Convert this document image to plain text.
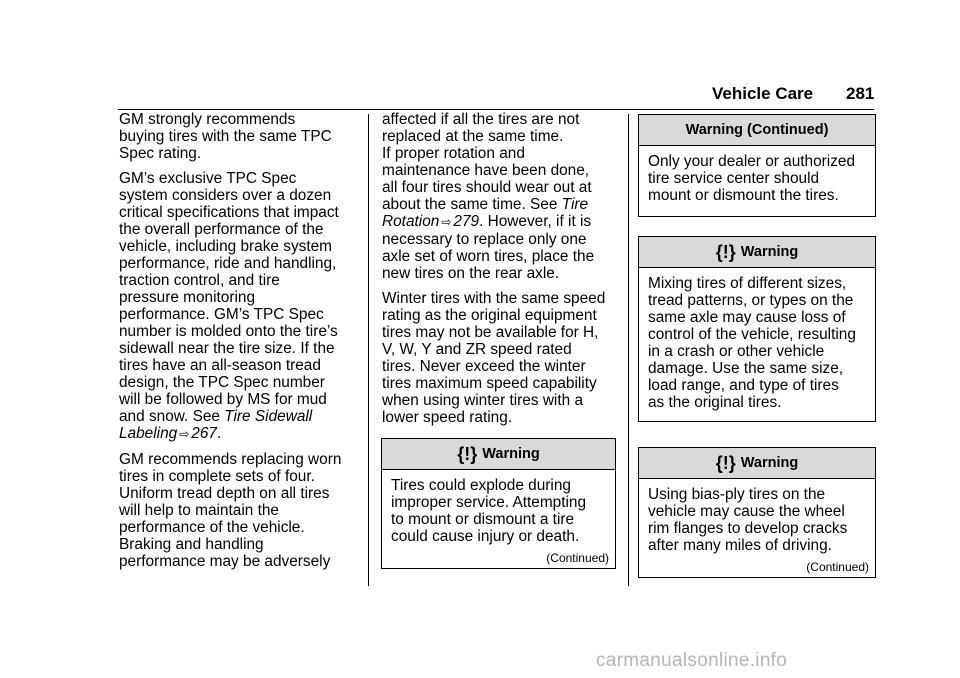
Vehicle Care 281

GM strongly recommends
buying tires with the same TPC
Spec rating.

GM’s exclusive TPC Spec
system considers over a dozen
critical specifications that impact
the overall performance of the
vehicle, including brake system
performance, ride and handling,
traction control, and tire
pressure monitoring
performance. GM’s TPC Spec
number is molded onto the tire’s
sidewall near the tire size. If the
tires have an all-season tread
design, the TPC Spec number
will be followed by MS for mud
and snow. See Tire Sidewall
Labeling ⇨ 267.

GM recommends replacing worn
tires in complete sets of four.
Uniform tread depth on all tires
will help to maintain the
performance of the vehicle.
Braking and handling
performance may be adversely

affected if all the tires are not
replaced at the same time.

If proper rotation and
maintenance have been done,
all four tires should wear out at
about the same time. See Tire
Rotation ⇨ 279. However, if it is
necessary to replace only one
axle set of worn tires, place the
new tires on the rear axle.

Winter tires with the same speed
rating as the original equipment
tires may not be available for H,
V, W, Y and ZR speed rated
tires. Never exceed the winter
tires maximum speed capability
when using winter tires with a
lower speed rating.

{!} Warning
Tires could explode during
improper service. Attempting
to mount or dismount a tire
could cause injury or death.
(Continued)
Warning (Continued)
Only your dealer or authorized
tire service center should
mount or dismount the tires.
{!} Warning
Mixing tires of different sizes,
tread patterns, or types on the
same axle may cause loss of
control of the vehicle, resulting
in a crash or other vehicle
damage. Use the same size,
load range, and type of tires
as the original tires.
{!} Warning
Using bias-ply tires on the
vehicle may cause the wheel
rim flanges to develop cracks
after many miles of driving.
(Continued)
carmanualsonline.info
